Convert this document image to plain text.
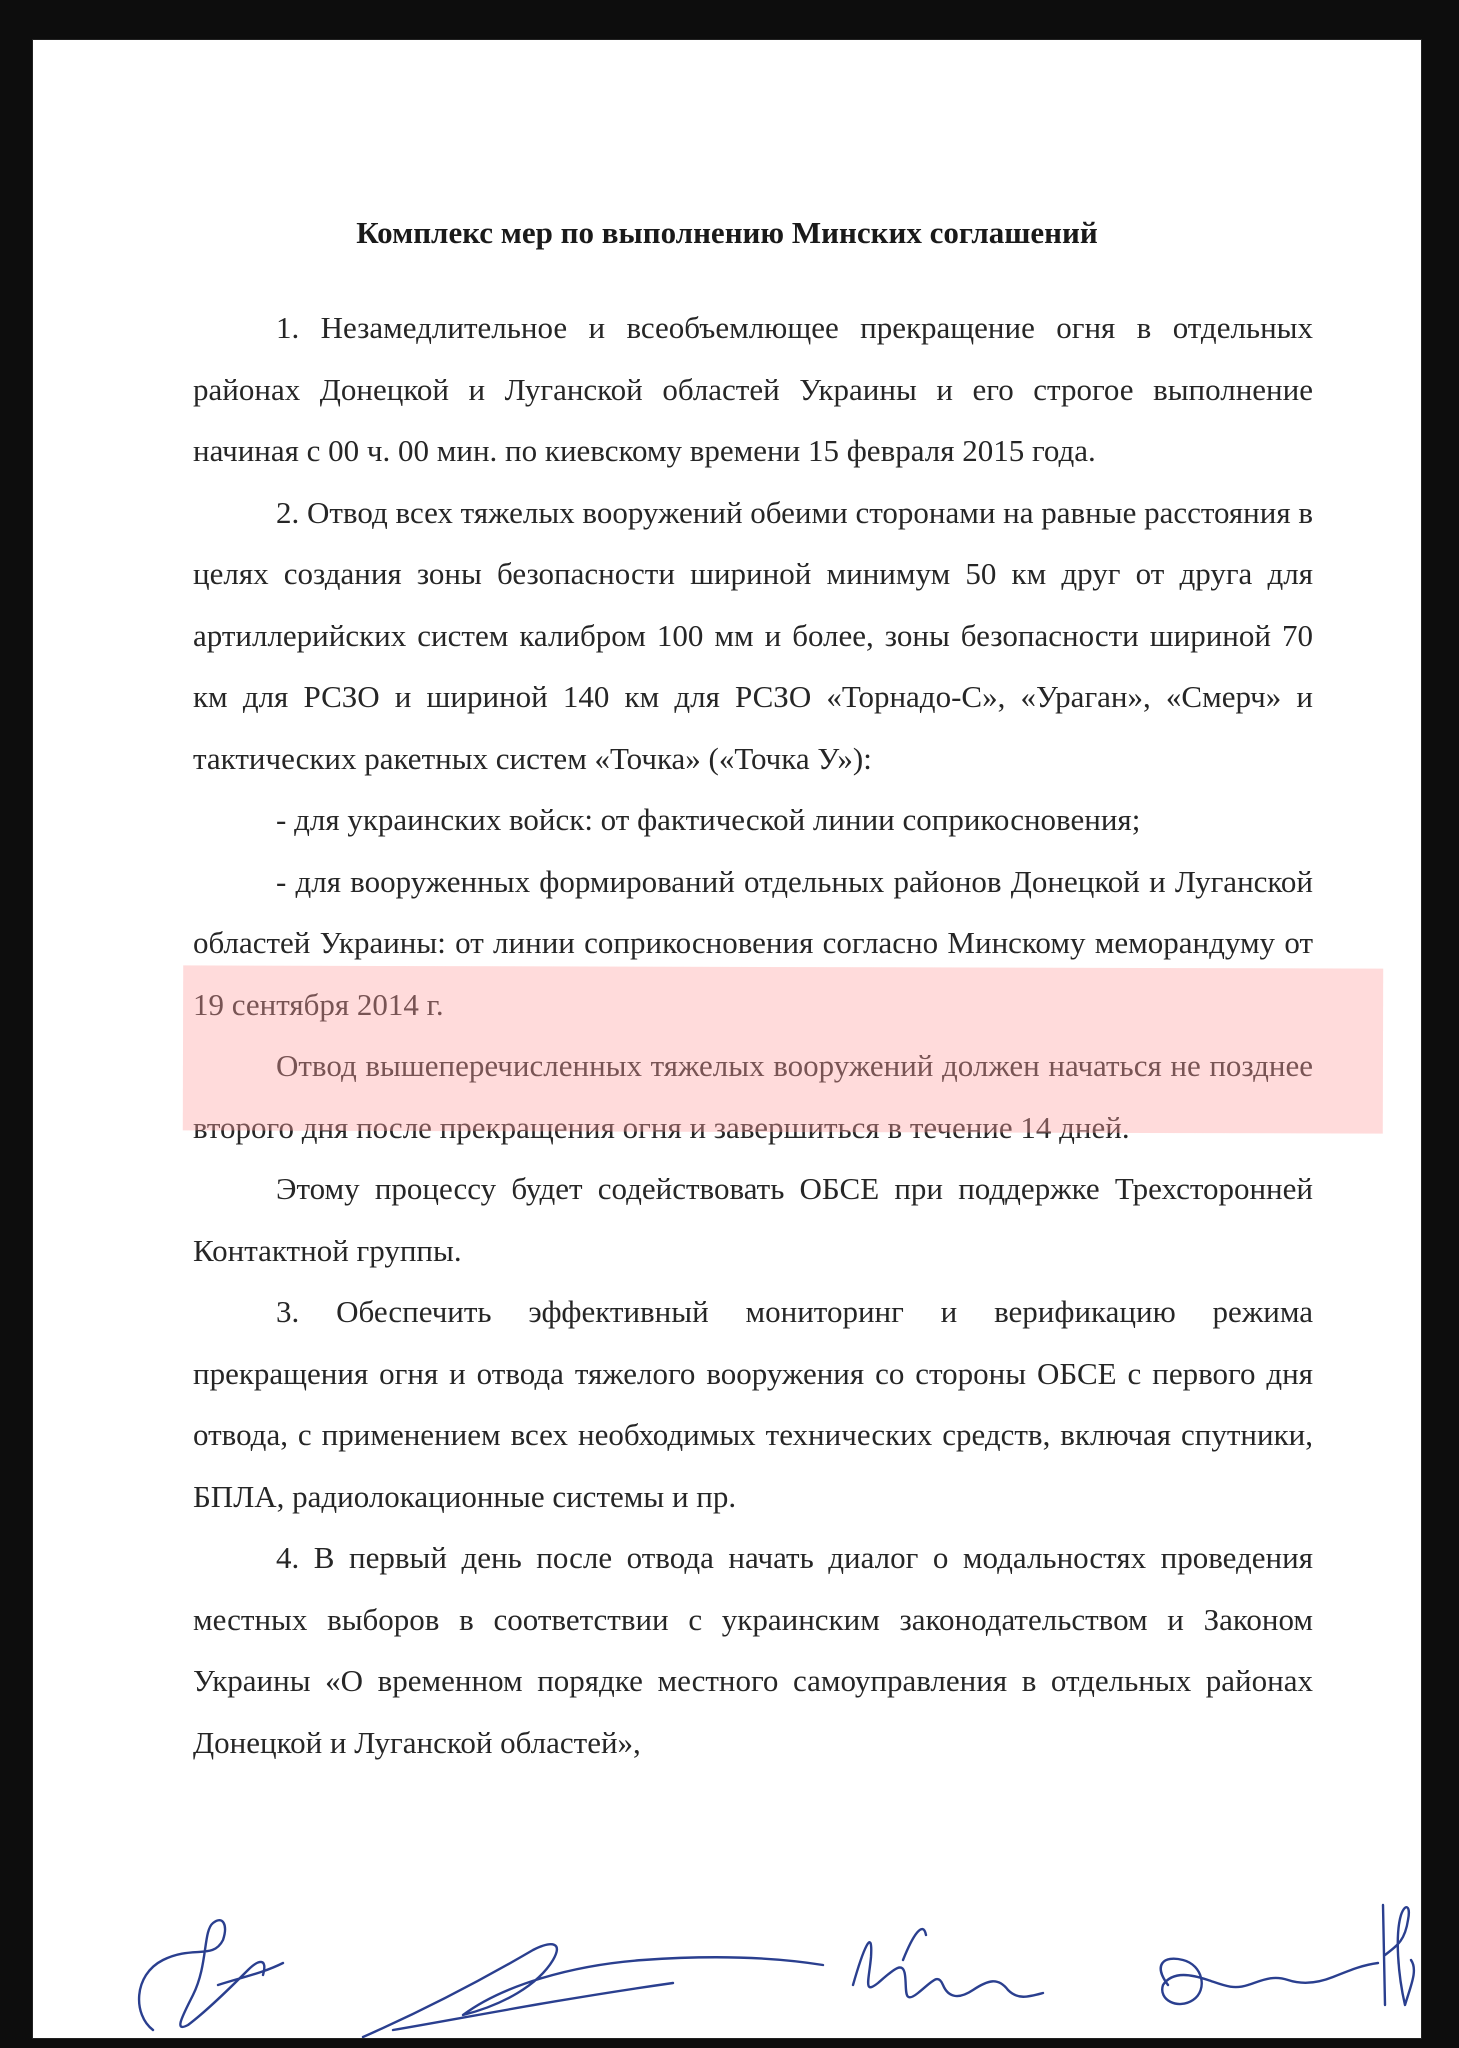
Комплекс мер по выполнению Минских соглашений

1. Незамедлительное и всеобъемлющее прекращение огня в отдельных районах Донецкой и Луганской областей Украины и его строгое выполнение начиная с 00 ч. 00 мин. по киевскому времени 15 февраля 2015 года.

2. Отвод всех тяжелых вооружений обеими сторонами на равные расстояния в целях создания зоны безопасности шириной минимум 50 км друг от друга для артиллерийских систем калибром 100 мм и более, зоны безопасности шириной 70 км для РСЗО и шириной 140 км для РСЗО «Торнадо-С», «Ураган», «Смерч» и тактических ракетных систем «Точка» («Точка У»):

- для украинских войск: от фактической линии соприкосновения;

- для вооруженных формирований отдельных районов Донецкой и Луганской областей Украины: от линии соприкосновения согласно Минскому меморандуму от 19 сентября 2014 г.

Отвод вышеперечисленных тяжелых вооружений должен начаться не позднее второго дня после прекращения огня и завершиться в течение 14 дней.

Этому процессу будет содействовать ОБСЕ при поддержке Трехсторонней Контактной группы.

3. Обеспечить эффективный мониторинг и верификацию режима прекращения огня и отвода тяжелого вооружения со стороны ОБСЕ с первого дня отвода, с применением всех необходимых технических средств, включая спутники, БПЛА, радиолокационные системы и пр.

4. В первый день после отвода начать диалог о модальностях проведения местных выборов в соответствии с украинским законодательством и Законом Украины «О временном порядке местного самоуправления в отдельных районах Донецкой и Луганской областей»,
